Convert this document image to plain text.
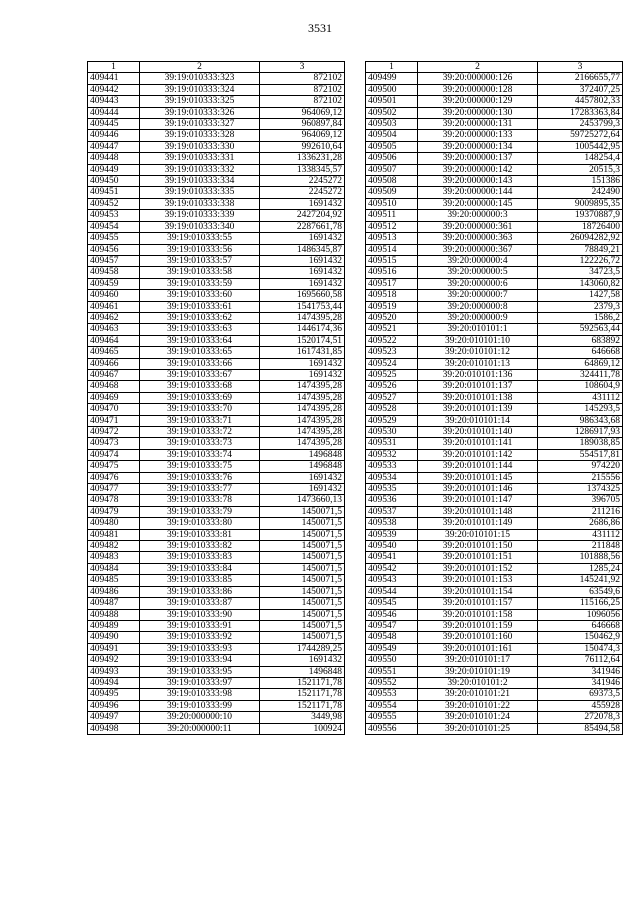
3531
1	2	3
409441	39:19:010333:323	872102
409442	39:19:010333:324	872102
409443	39:19:010333:325	872102
409444	39:19:010333:326	964069,12
409445	39:19:010333:327	960897,84
409446	39:19:010333:328	964069,12
409447	39:19:010333:330	992610,64
409448	39:19:010333:331	1336231,28
409449	39:19:010333:332	1338345,57
409450	39:19:010333:334	2245272
409451	39:19:010333:335	2245272
409452	39:19:010333:338	1691432
409453	39:19:010333:339	2427204,92
409454	39:19:010333:340	2287661,78
409455	39:19:010333:55	1691432
409456	39:19:010333:56	1486345,87
409457	39:19:010333:57	1691432
409458	39:19:010333:58	1691432
409459	39:19:010333:59	1691432
409460	39:19:010333:60	1695660,58
409461	39:19:010333:61	1541753,44
409462	39:19:010333:62	1474395,28
409463	39:19:010333:63	1446174,36
409464	39:19:010333:64	1520174,51
409465	39:19:010333:65	1617431,85
409466	39:19:010333:66	1691432
409467	39:19:010333:67	1691432
409468	39:19:010333:68	1474395,28
409469	39:19:010333:69	1474395,28
409470	39:19:010333:70	1474395,28
409471	39:19:010333:71	1474395,28
409472	39:19:010333:72	1474395,28
409473	39:19:010333:73	1474395,28
409474	39:19:010333:74	1496848
409475	39:19:010333:75	1496848
409476	39:19:010333:76	1691432
409477	39:19:010333:77	1691432
409478	39:19:010333:78	1473660,13
409479	39:19:010333:79	1450071,5
409480	39:19:010333:80	1450071,5
409481	39:19:010333:81	1450071,5
409482	39:19:010333:82	1450071,5
409483	39:19:010333:83	1450071,5
409484	39:19:010333:84	1450071,5
409485	39:19:010333:85	1450071,5
409486	39:19:010333:86	1450071,5
409487	39:19:010333:87	1450071,5
409488	39:19:010333:90	1450071,5
409489	39:19:010333:91	1450071,5
409490	39:19:010333:92	1450071,5
409491	39:19:010333:93	1744289,25
409492	39:19:010333:94	1691432
409493	39:19:010333:95	1496848
409494	39:19:010333:97	1521171,78
409495	39:19:010333:98	1521171,78
409496	39:19:010333:99	1521171,78
409497	39:20:000000:10	3449,98
409498	39:20:000000:11	100924
1	2	3
409499	39:20:000000:126	2166655,77
409500	39:20:000000:128	372407,25
409501	39:20:000000:129	4457802,33
409502	39:20:000000:130	17283363,84
409503	39:20:000000:131	2453799,3
409504	39:20:000000:133	59725272,64
409505	39:20:000000:134	1005442,95
409506	39:20:000000:137	148254,4
409507	39:20:000000:142	20515,3
409508	39:20:000000:143	151386
409509	39:20:000000:144	242490
409510	39:20:000000:145	9009895,35
409511	39:20:000000:3	19370887,9
409512	39:20:000000:361	18726400
409513	39:20:000000:363	26094282,92
409514	39:20:000000:367	78849,21
409515	39:20:000000:4	122226,72
409516	39:20:000000:5	34723,5
409517	39:20:000000:6	143060,82
409518	39:20:000000:7	1427,58
409519	39:20:000000:8	2379,3
409520	39:20:000000:9	1586,2
409521	39:20:010101:1	592563,44
409522	39:20:010101:10	683892
409523	39:20:010101:12	646668
409524	39:20:010101:13	64869,12
409525	39:20:010101:136	324411,78
409526	39:20:010101:137	108604,9
409527	39:20:010101:138	431112
409528	39:20:010101:139	145293,5
409529	39:20:010101:14	986343,68
409530	39:20:010101:140	1286917,93
409531	39:20:010101:141	189038,85
409532	39:20:010101:142	554517,81
409533	39:20:010101:144	974220
409534	39:20:010101:145	215556
409535	39:20:010101:146	1374325
409536	39:20:010101:147	396705
409537	39:20:010101:148	211216
409538	39:20:010101:149	2686,86
409539	39:20:010101:15	431112
409540	39:20:010101:150	211848
409541	39:20:010101:151	101888,56
409542	39:20:010101:152	1285,24
409543	39:20:010101:153	145241,92
409544	39:20:010101:154	63549,6
409545	39:20:010101:157	115166,25
409546	39:20:010101:158	1096056
409547	39:20:010101:159	646668
409548	39:20:010101:160	150462,9
409549	39:20:010101:161	150474,3
409550	39:20:010101:17	76112,64
409551	39:20:010101:19	341946
409552	39:20:010101:2	341946
409553	39:20:010101:21	69373,5
409554	39:20:010101:22	455928
409555	39:20:010101:24	272078,3
409556	39:20:010101:25	85494,58
